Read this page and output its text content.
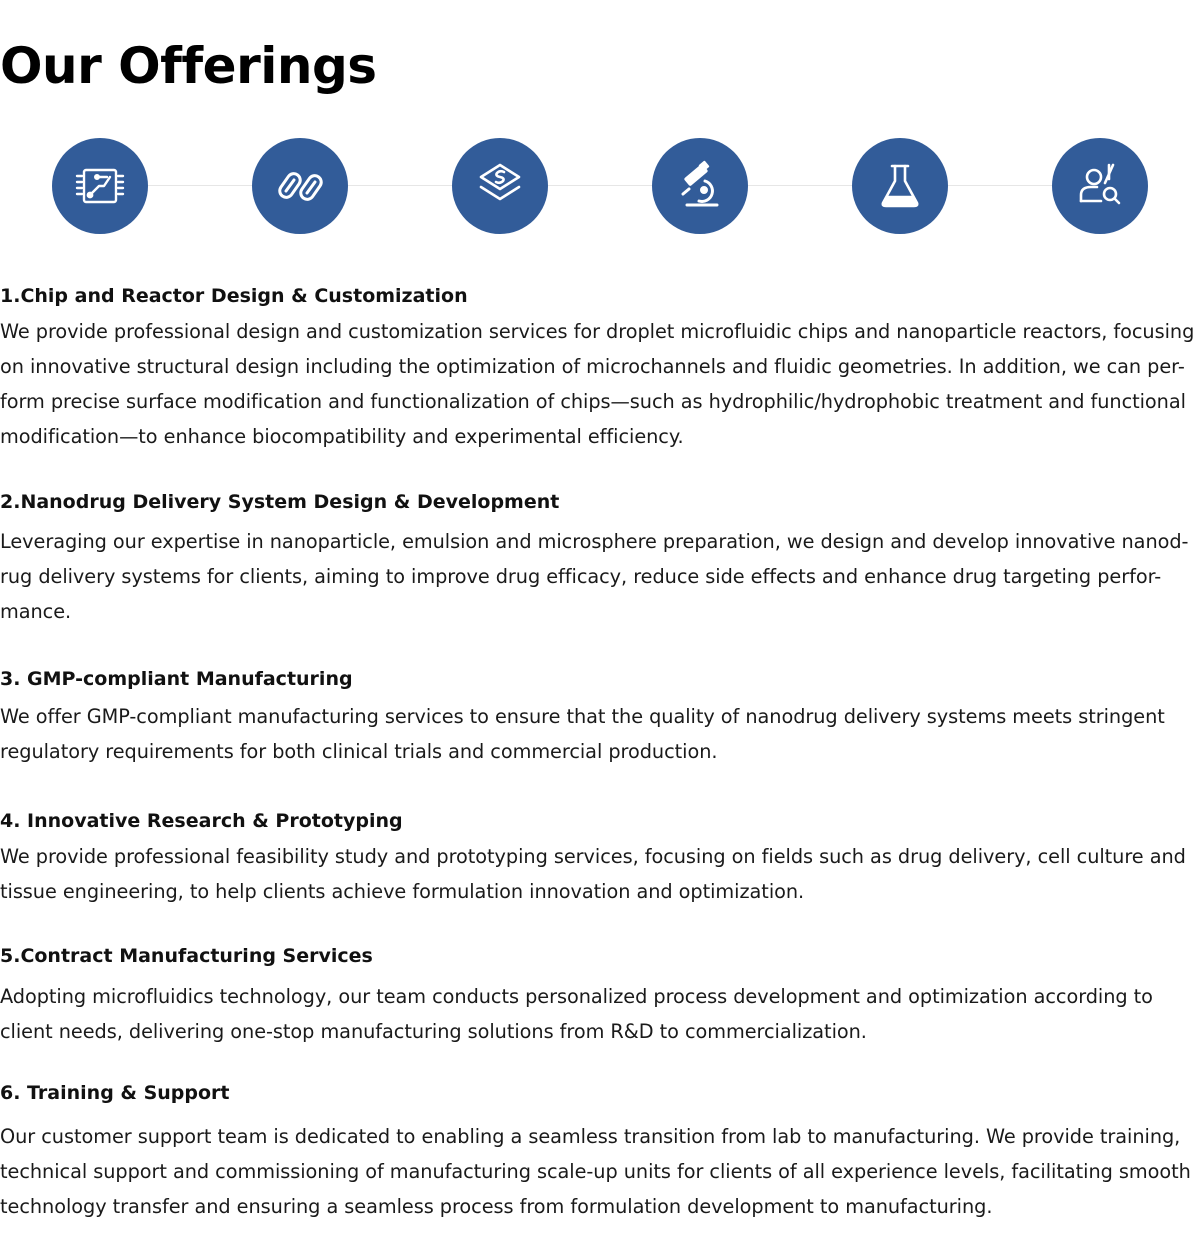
Our Offerings
1.Chip and Reactor Design & Customization

We provide professional design and customization services for droplet microfluidic chips and nanoparticle reactors, focusing on innovative structural design including the optimization of microchannels and fluidic geometries. In addition, we can per-form precise surface modification and functionalization of chips—such as hydrophilic/hydrophobic treatment and functional modification—to enhance biocompatibility and experimental efficiency.

2.Nanodrug Delivery System Design & Development

Leveraging our expertise in nanoparticle, emulsion and microsphere preparation, we design and develop innovative nanod-rug delivery systems for clients, aiming to improve drug efficacy, reduce side effects and enhance drug targeting perfor-mance.

3. GMP-compliant Manufacturing

We offer GMP-compliant manufacturing services to ensure that the quality of nanodrug delivery systems meets stringent regulatory requirements for both clinical trials and commercial production.

4. Innovative Research & Prototyping

We provide professional feasibility study and prototyping services, focusing on fields such as drug delivery, cell culture and tissue engineering, to help clients achieve formulation innovation and optimization.

5.Contract Manufacturing Services

Adopting microfluidics technology, our team conducts personalized process development and optimization according to client needs, delivering one-stop manufacturing solutions from R&D to commercialization.

6. Training & Support

Our customer support team is dedicated to enabling a seamless transition from lab to manufacturing. We provide training, technical support and commissioning of manufacturing scale-up units for clients of all experience levels, facilitating smooth technology transfer and ensuring a seamless process from formulation development to manufacturing.
